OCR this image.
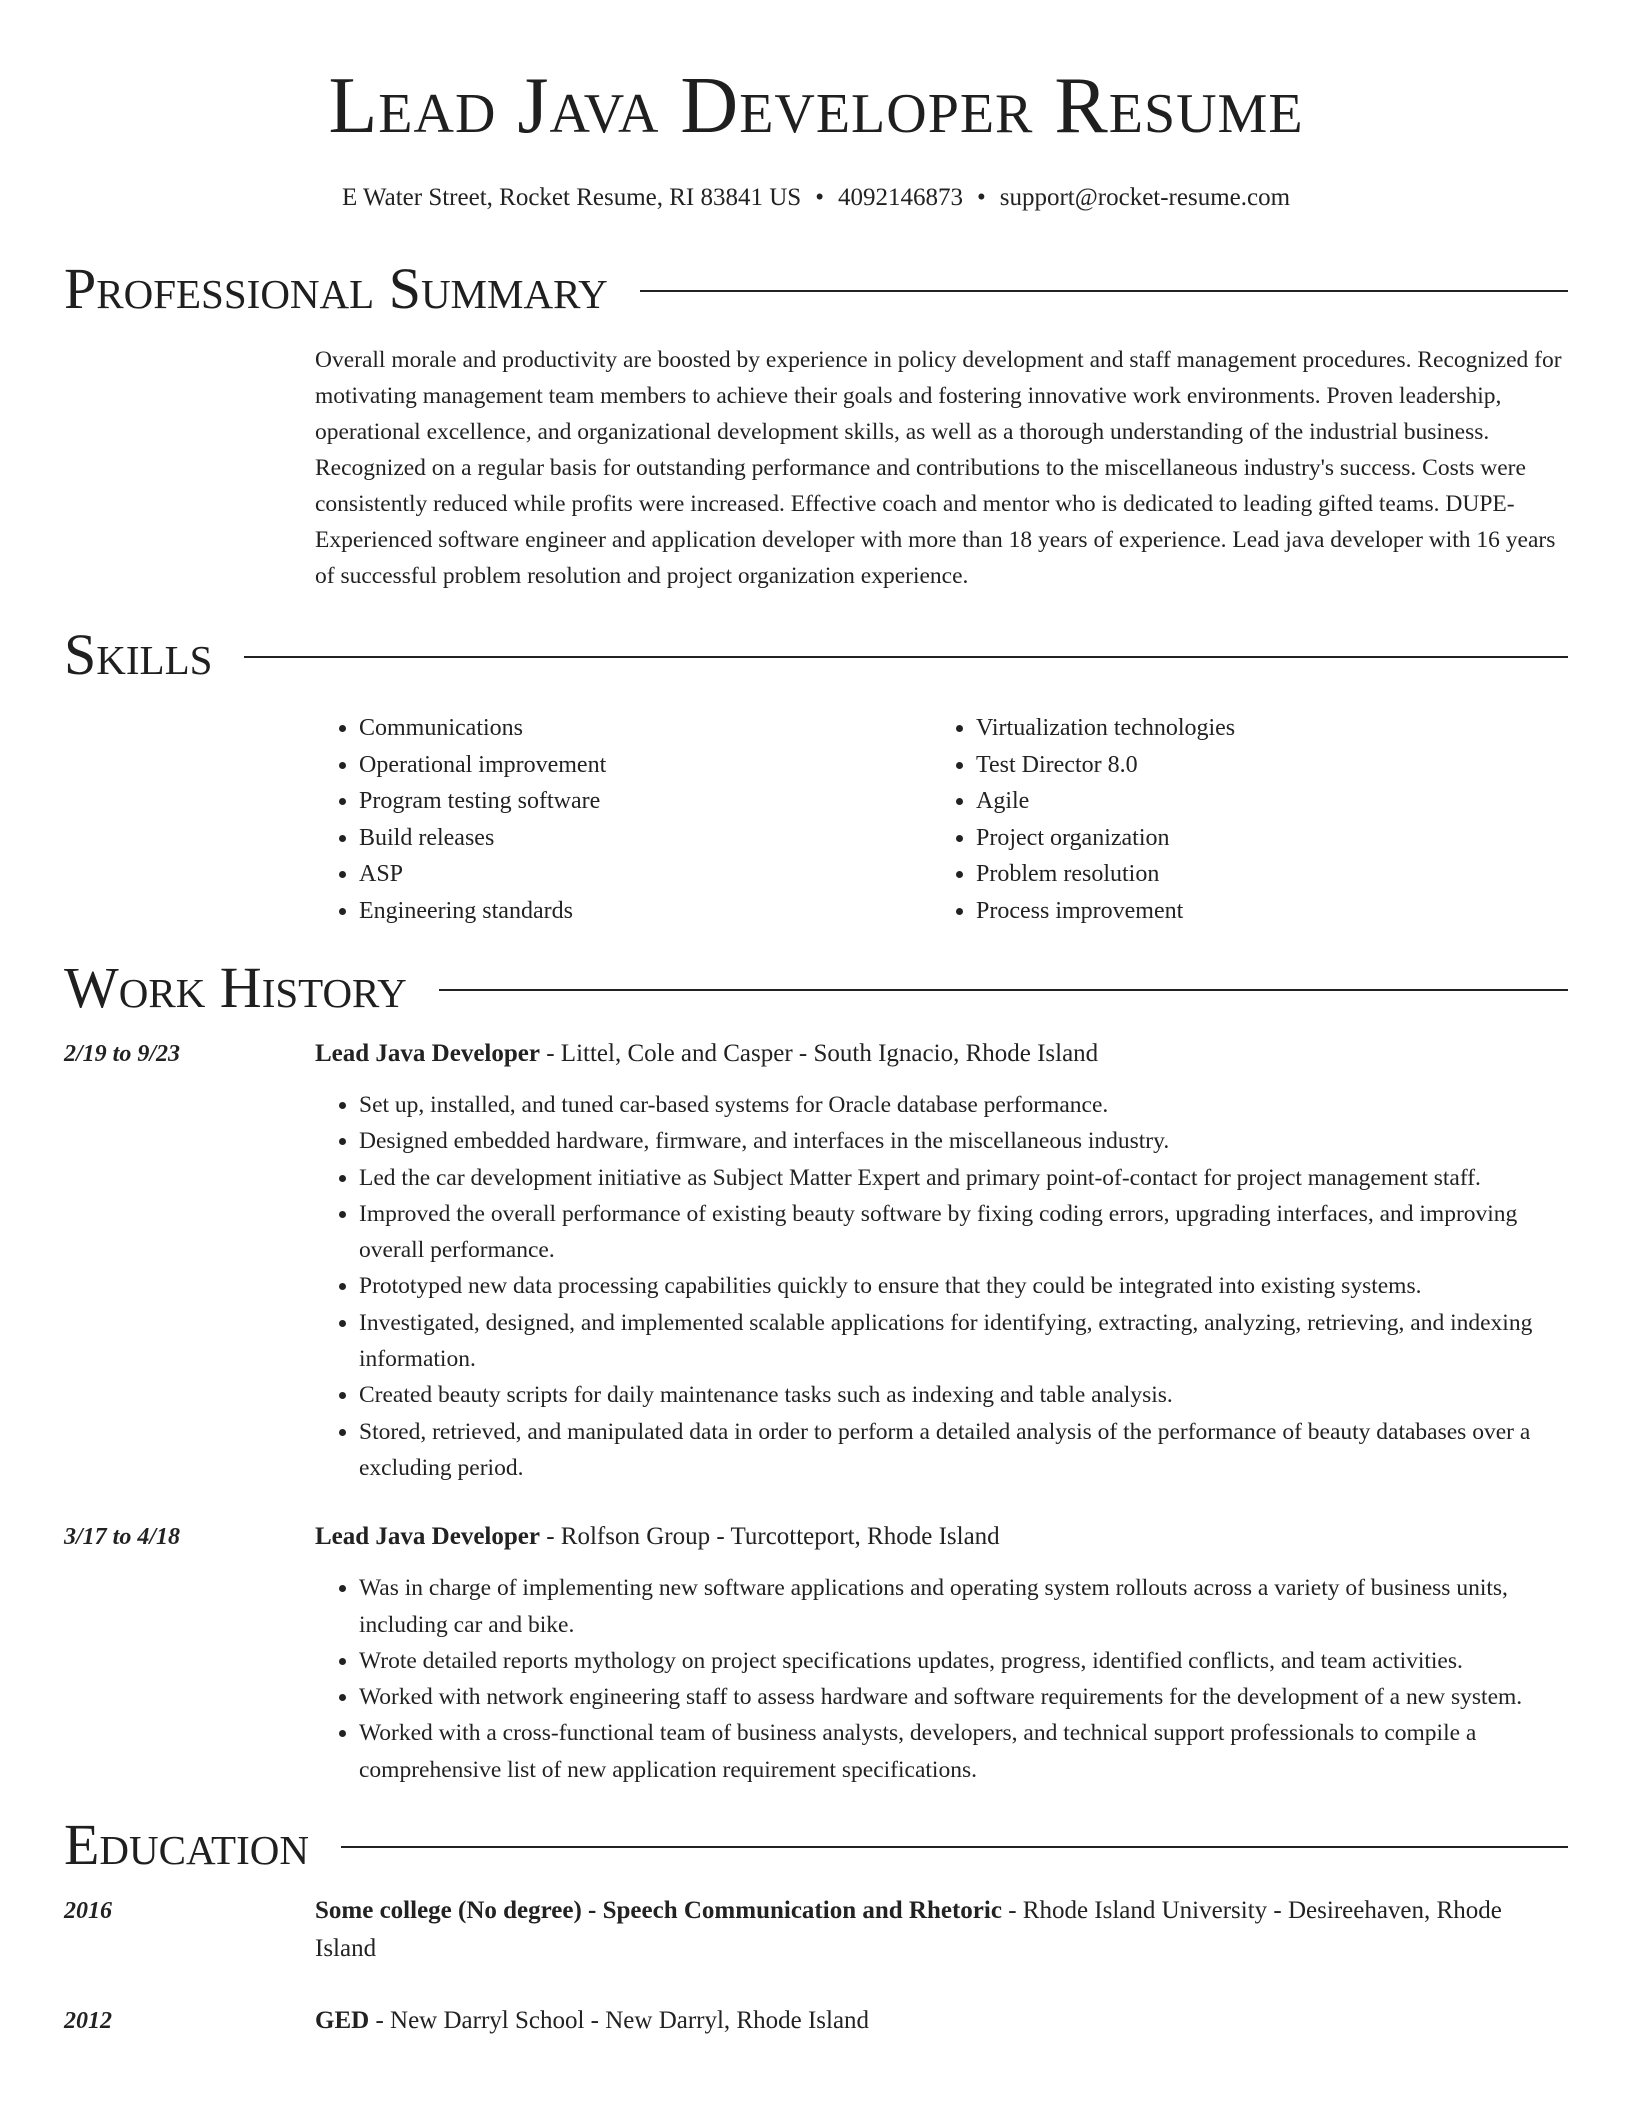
Lead Java Developer Resume
E Water Street, Rocket Resume, RI 83841 US • 4092146873 • support@rocket-resume.com
Professional Summary

Overall morale and productivity are boosted by experience in policy development and staff management procedures. Recognized for motivating management team members to achieve their goals and fostering innovative work environments. Proven leadership, operational excellence, and organizational development skills, as well as a thorough understanding of the industrial business. Recognized on a regular basis for outstanding performance and contributions to the miscellaneous industry's success. Costs were consistently reduced while profits were increased. Effective coach and mentor who is dedicated to leading gifted teams. DUPE- Experienced software engineer and application developer with more than 18 years of experience. Lead java developer with 16 years of successful problem resolution and project organization experience.

Skills
• Communications
• Operational improvement
• Program testing software
• Build releases
• ASP
• Engineering standards
• Virtualization technologies
• Test Director 8.0
• Agile
• Project organization
• Problem resolution
• Process improvement
Work History
2/19 to 9/23	Lead Java Developer - Littel, Cole and Casper - South Ignacio, Rhode Island
• Set up, installed, and tuned car-based systems for Oracle database performance.
• Designed embedded hardware, firmware, and interfaces in the miscellaneous industry.
• Led the car development initiative as Subject Matter Expert and primary point-of-contact for project management staff.
• Improved the overall performance of existing beauty software by fixing coding errors, upgrading interfaces, and improving overall performance.
• Prototyped new data processing capabilities quickly to ensure that they could be integrated into existing systems.
• Investigated, designed, and implemented scalable applications for identifying, extracting, analyzing, retrieving, and indexing information.
• Created beauty scripts for daily maintenance tasks such as indexing and table analysis.
• Stored, retrieved, and manipulated data in order to perform a detailed analysis of the performance of beauty databases over a excluding period.
3/17 to 4/18	Lead Java Developer - Rolfson Group - Turcotteport, Rhode Island
• Was in charge of implementing new software applications and operating system rollouts across a variety of business units, including car and bike.
• Wrote detailed reports mythology on project specifications updates, progress, identified conflicts, and team activities.
• Worked with network engineering staff to assess hardware and software requirements for the development of a new system.
• Worked with a cross-functional team of business analysts, developers, and technical support professionals to compile a comprehensive list of new application requirement specifications.
Education
2016	Some college (No degree) - Speech Communication and Rhetoric - Rhode Island University - Desireehaven, Rhode Island
2012	GED - New Darryl School - New Darryl, Rhode Island
